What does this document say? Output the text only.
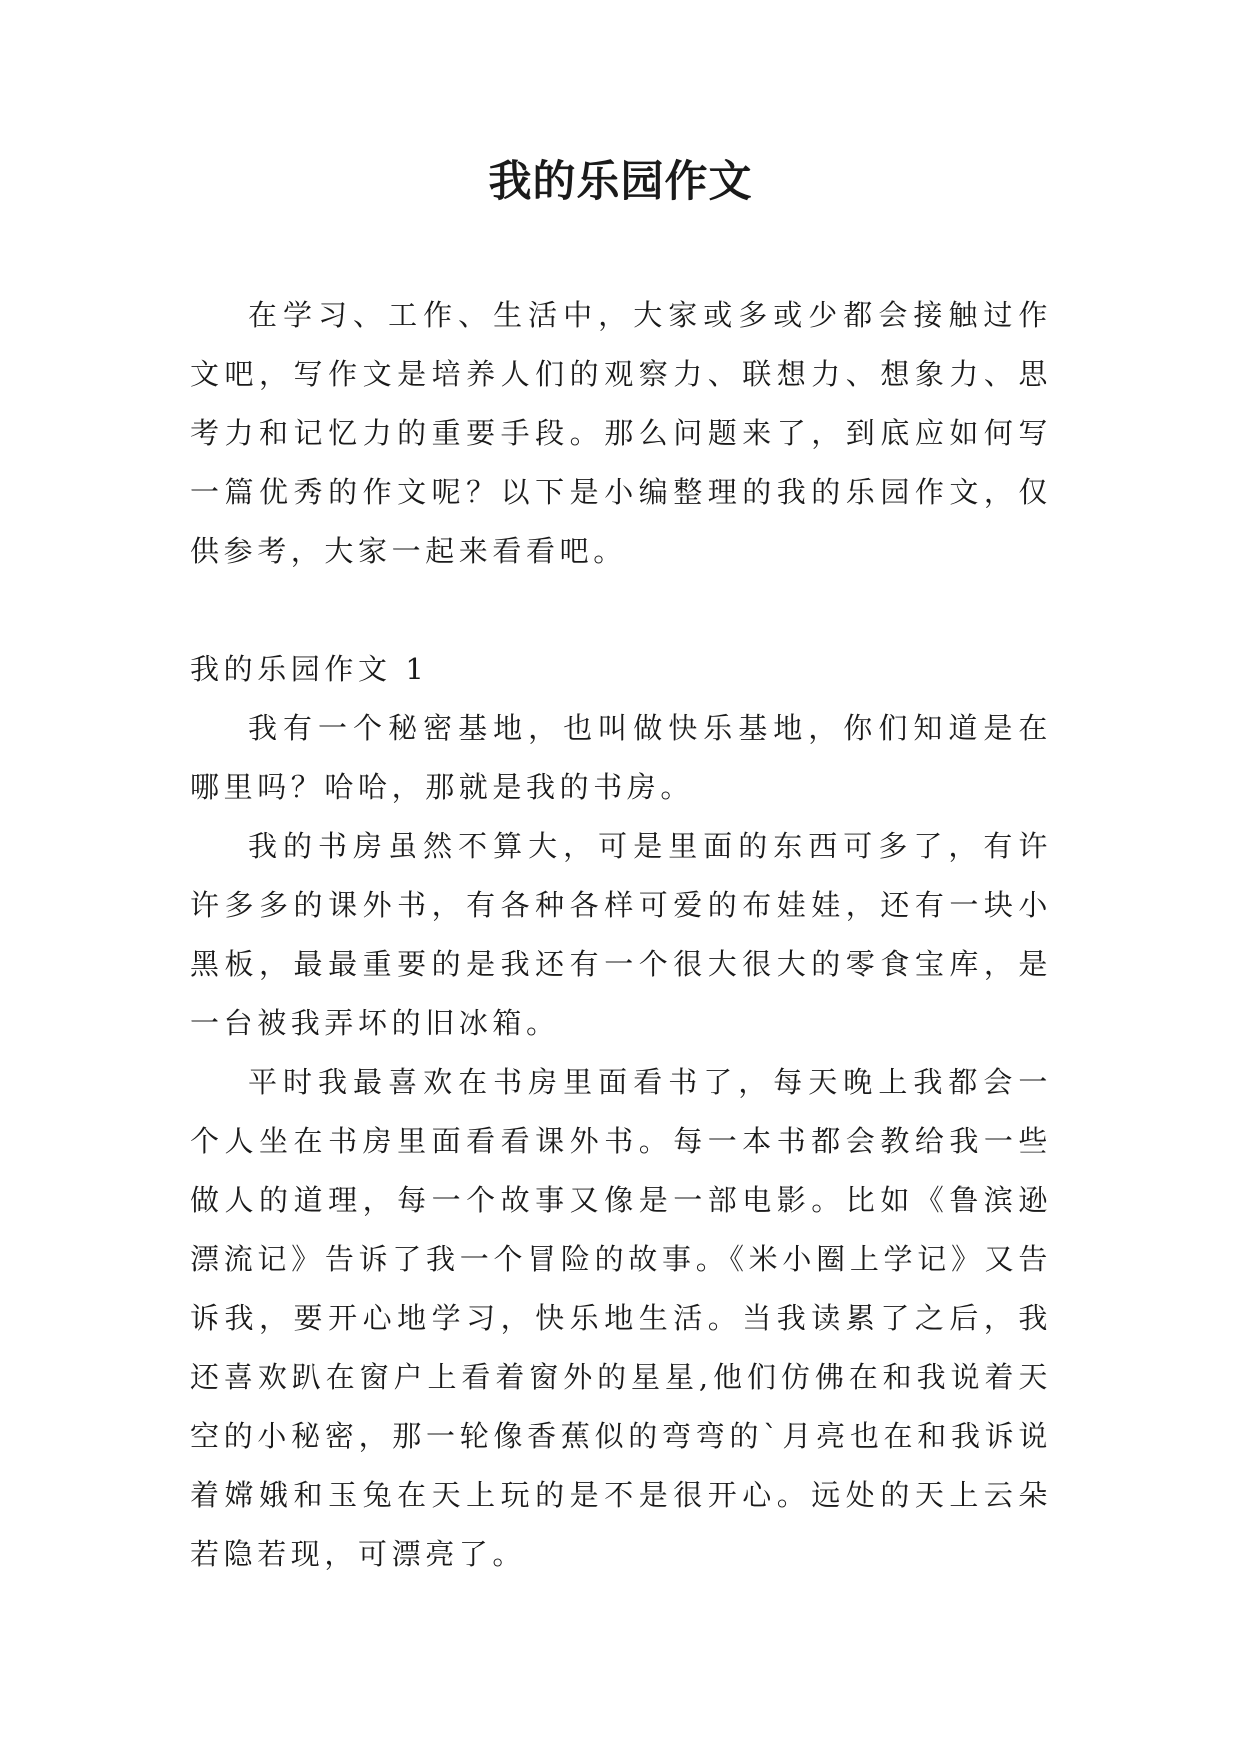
我的乐园作文

在学习、工作、生活中，大家或多或少都会接触过作文吧，写作文是培养人们的观察力、联想力、想象力、思考力和记忆力的重要手段。那么问题来了，到底应如何写一篇优秀的作文呢？以下是小编整理的我的乐园作文，仅供参考，大家一起来看看吧。

我的乐园作文 1

我有一个秘密基地，也叫做快乐基地，你们知道是在哪里吗？哈哈，那就是我的书房。

我的书房虽然不算大，可是里面的东西可多了，有许许多多的课外书，有各种各样可爱的布娃娃，还有一块小黑板，最最重要的是我还有一个很大很大的零食宝库，是一台被我弄坏的旧冰箱。

平时我最喜欢在书房里面看书了，每天晚上我都会一个人坐在书房里面看看课外书。每一本书都会教给我一些做人的道理，每一个故事又像是一部电影。比如《鲁滨逊漂流记》告诉了我一个冒险的故事。《米小圈上学记》又告诉我，要开心地学习，快乐地生活。当我读累了之后，我还喜欢趴在窗户上看着窗外的星星,他们仿佛在和我说着天空的小秘密，那一轮像香蕉似的弯弯的`月亮也在和我诉说着嫦娥和玉兔在天上玩的是不是很开心。远处的天上云朵若隐若现，可漂亮了。
